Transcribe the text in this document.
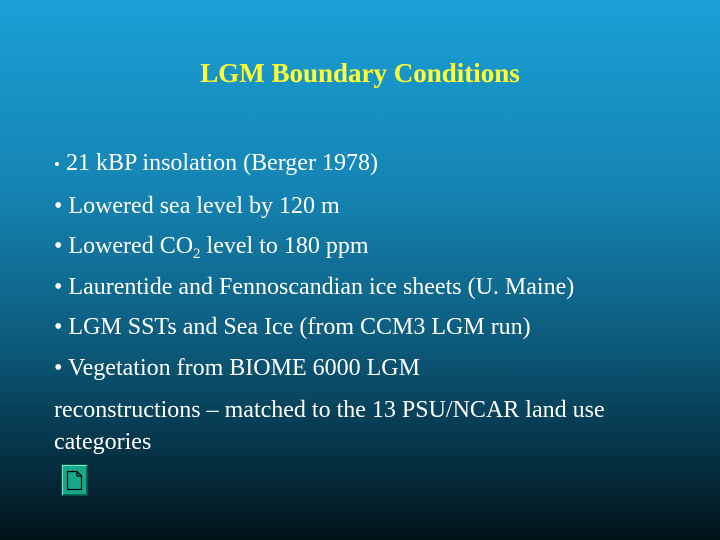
LGM Boundary Conditions
• 21 kBP insolation (Berger 1978)
• Lowered sea level by 120 m
• Lowered $CO_2$ level to 180 ppm
• Laurentide and Fennoscandian ice sheets (U. Maine)
• LGM SSTs and Sea Ice (from CCM3 LGM run)
• Vegetation from BIOME 6000 LGM
reconstructions – matched to the 13 PSU/NCAR land use categories
